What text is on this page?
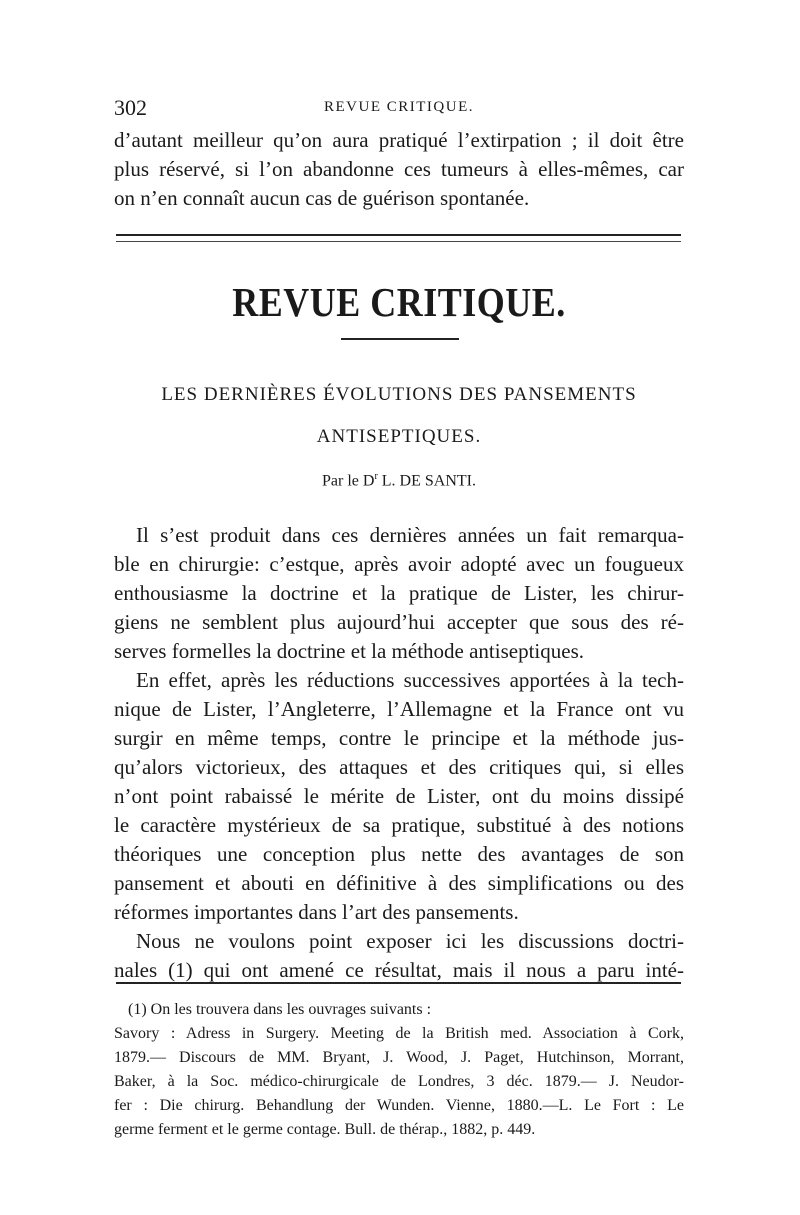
302	REVUE CRITIQUE.
d’autant meilleur qu’on aura pratiqué l’extirpation ; il doit être
plus réservé, si l’on abandonne ces tumeurs à elles-mêmes, car
on n’en connaît aucun cas de guérison spontanée.
REVUE CRITIQUE.
LES DERNIÈRES ÉVOLUTIONS DES PANSEMENTS
ANTISEPTIQUES.
Par le $D^r$ L. DE SANTI.
Il s’est produit dans ces dernières années un fait remarqua-
ble en chirurgie: c’estque, après avoir adopté avec un fougueux
enthousiasme la doctrine et la pratique de Lister, les chirur-
giens ne semblent plus aujourd’hui accepter que sous des ré-
serves formelles la doctrine et la méthode antiseptiques.
En effet, après les réductions successives apportées à la tech-
nique de Lister, l’Angleterre, l’Allemagne et la France ont vu
surgir en même temps, contre le principe et la méthode jus-
qu’alors victorieux, des attaques et des critiques qui, si elles
n’ont point rabaissé le mérite de Lister, ont du moins dissipé
le caractère mystérieux de sa pratique, substitué à des notions
théoriques une conception plus nette des avantages de son
pansement et abouti en définitive à des simplifications ou des
réformes importantes dans l’art des pansements.
Nous ne voulons point exposer ici les discussions doctri-
nales (1) qui ont amené ce résultat, mais il nous a paru inté-
(1) On les trouvera dans les ouvrages suivants :
Savory : Adress in Surgery. Meeting de la British med. Association à Cork,
1879.— Discours de MM. Bryant, J. Wood, J. Paget, Hutchinson, Morrant,
Baker, à la Soc. médico-chirurgicale de Londres, 3 déc. 1879.— J. Neudor-
fer : Die chirurg. Behandlung der Wunden. Vienne, 1880.—L. Le Fort : Le
germe ferment et le germe contage. Bull. de thérap., 1882, p. 449.
